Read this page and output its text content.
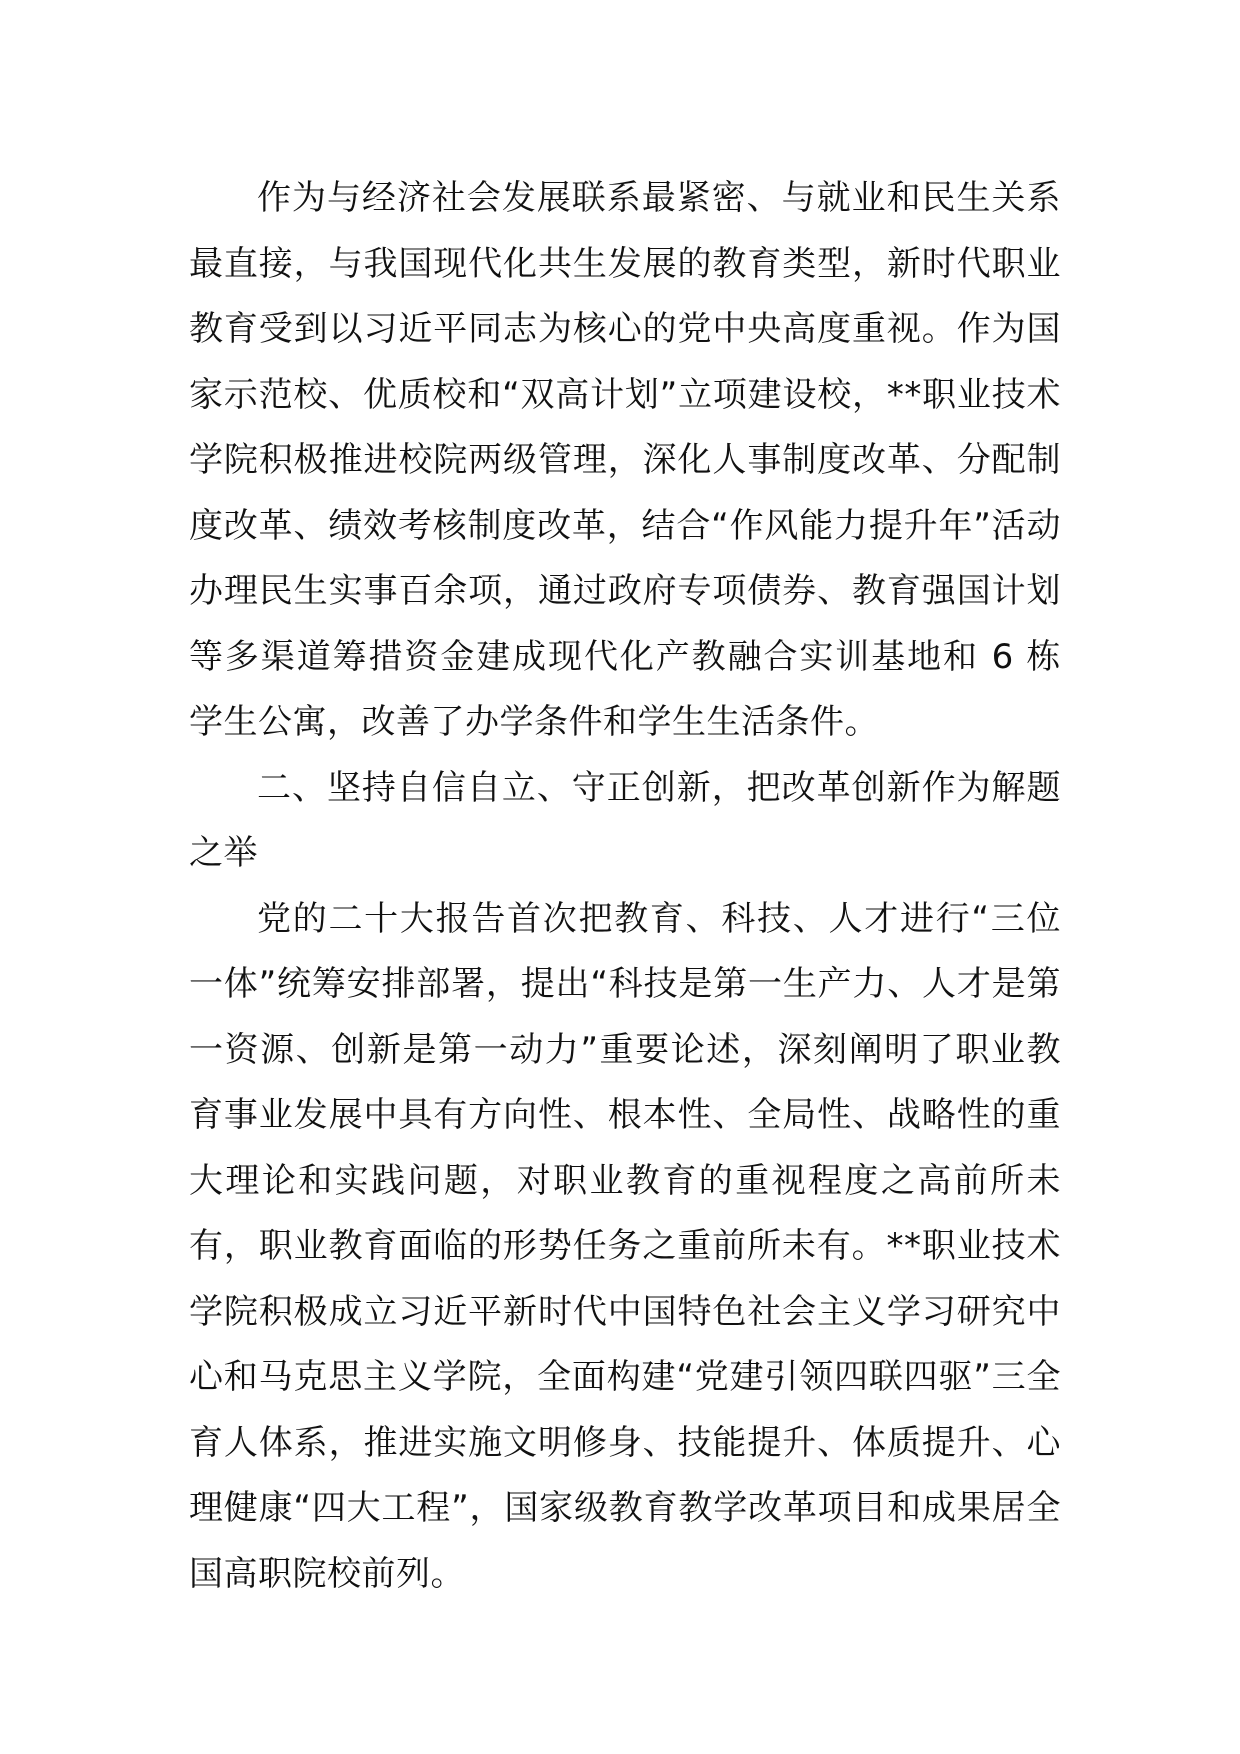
作为与经济社会发展联系最紧密、与就业和民生关系最直接，与我国现代化共生发展的教育类型，新时代职业教育受到以习近平同志为核心的党中央高度重视。作为国家示范校、优质校和“双高计划”立项建设校，**职业技术学院积极推进校院两级管理，深化人事制度改革、分配制度改革、绩效考核制度改革，结合“作风能力提升年”活动办理民生实事百余项，通过政府专项债券、教育强国计划等多渠道筹措资金建成现代化产教融合实训基地和 6 栋学生公寓，改善了办学条件和学生生活条件。

二、坚持自信自立、守正创新，把改革创新作为解题之举

党的二十大报告首次把教育、科技、人才进行“三位一体”统筹安排部署，提出“科技是第一生产力、人才是第一资源、创新是第一动力”重要论述，深刻阐明了职业教育事业发展中具有方向性、根本性、全局性、战略性的重大理论和实践问题，对职业教育的重视程度之高前所未有，职业教育面临的形势任务之重前所未有。**职业技术学院积极成立习近平新时代中国特色社会主义学习研究中心和马克思主义学院，全面构建“党建引领四联四驱”三全育人体系，推进实施文明修身、技能提升、体质提升、心理健康“四大工程”，国家级教育教学改革项目和成果居全国高职院校前列。
